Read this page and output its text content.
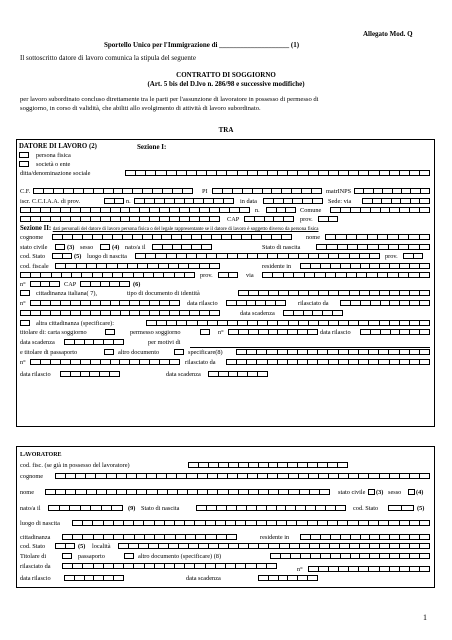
Allegato Mod. Q
Sportello Unico per l'Immigrazione di ____________________ (1)
Il sottoscritto datore di lavoro comunica la stipula del seguente
CONTRATTO DI SOGGIORNO
(Art. 5 bis del D.lvo n. 286/98 e successive modifiche)
per lavoro subordinato concluso direttamente tra le parti per l'assunzione di lavoratore in possesso di permesso di
soggiorno, in corso di validità, che abiliti allo svolgimento di attività di lavoro subordinato.
TRA
DATORE DI LAVORO (2)	Sezione I:
persona fisica
società o ente
ditta/denominazione sociale
C.F.	PI	matrINPS
iscr. C.C.I.A.A. di prov.	n.	in data	Sede: via
n.	Comune
CAP	prov.
Sezione II: dati personali del datore di lavoro persona fisica o del legale rappresentante se il datore di lavoro è soggetto diverso da persona fisica
cognome	nome
stato civile	(3) sesso	(4) nato/a il	Stato di nascita
cod. Stato	(5) luogo di nascita	prov.
cod. fiscale	residente in
prov.	via
n°	CAP	(6)
cittadinanza italiana( 7),	tipo di documento di identità
n°	data rilascio	rilasciato da
data scadenza
altra cittadinanza (specificare):
titolare di: carta soggiorno	permesso soggiorno	n°	data rilascio
data scadenza	per motivi di
e titolare di passaporto	altro documento	specificare(8)
n°	rilasciato da
data rilascio	data scadenza
LAVORATORE
cod. fisc. (se già in possesso del lavoratore)
cognome
nome	stato civile (3) sesso (4)
nato/a il	(9) Stato di nascita	cod. Stato	(5)
luogo di nascita
cittadinanza	residente in
cod. Stato	(5) località
Titolare di	passaporto	altro documento (specificare) (8)
rilasciato da	n°
data rilascio	data scadenza
1
